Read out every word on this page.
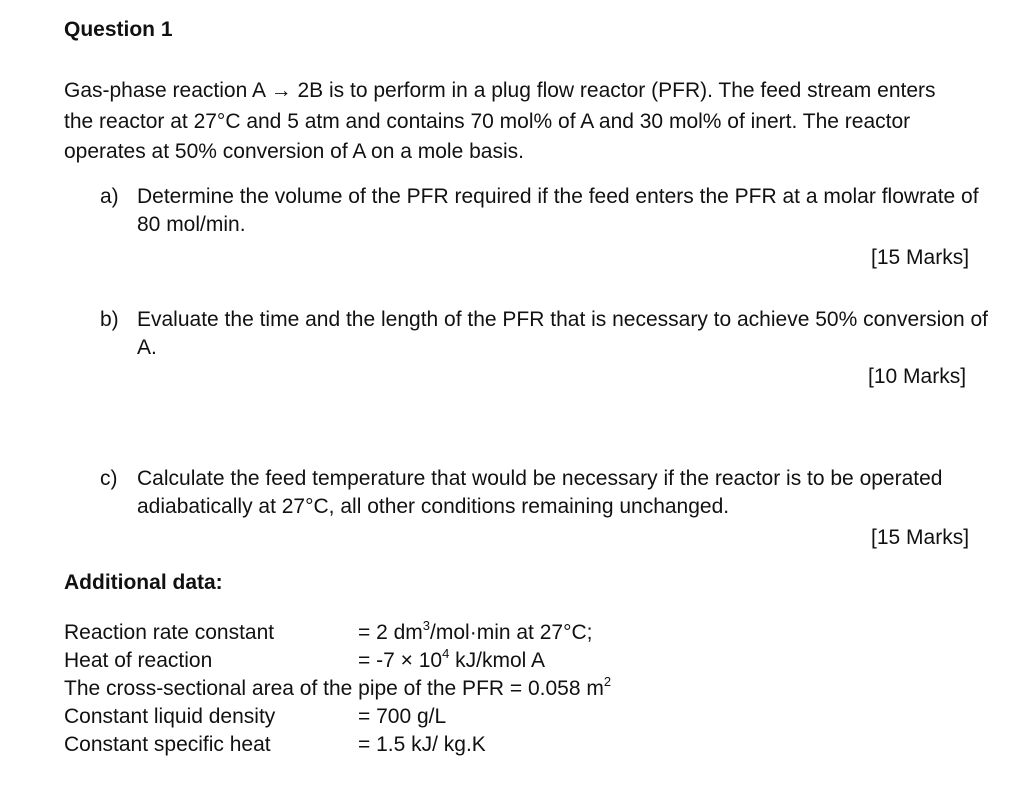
Question 1
Gas-phase reaction A → 2B is to perform in a plug flow reactor (PFR). The feed stream enters the reactor at 27°C and 5 atm and contains 70 mol% of A and 30 mol% of inert. The reactor operates at 50% conversion of A on a mole basis.
a) Determine the volume of the PFR required if the feed enters the PFR at a molar flowrate of 80 mol/min.
[15 Marks]
b) Evaluate the time and the length of the PFR that is necessary to achieve 50% conversion of A.
[10 Marks]
c) Calculate the feed temperature that would be necessary if the reactor is to be operated adiabatically at 27°C, all other conditions remaining unchanged.
[15 Marks]
Additional data:
Reaction rate constant	= 2 $dm^3/mol\cdot\min$ at 27°C;
Heat of reaction	= $-7 \times 10^4$ kJ/kmol A
The cross-sectional area of the pipe of the PFR = 0.058 $m^2$
Constant liquid density	= 700 g/L
Constant specific heat	= 1.5 kJ/ kg.K
